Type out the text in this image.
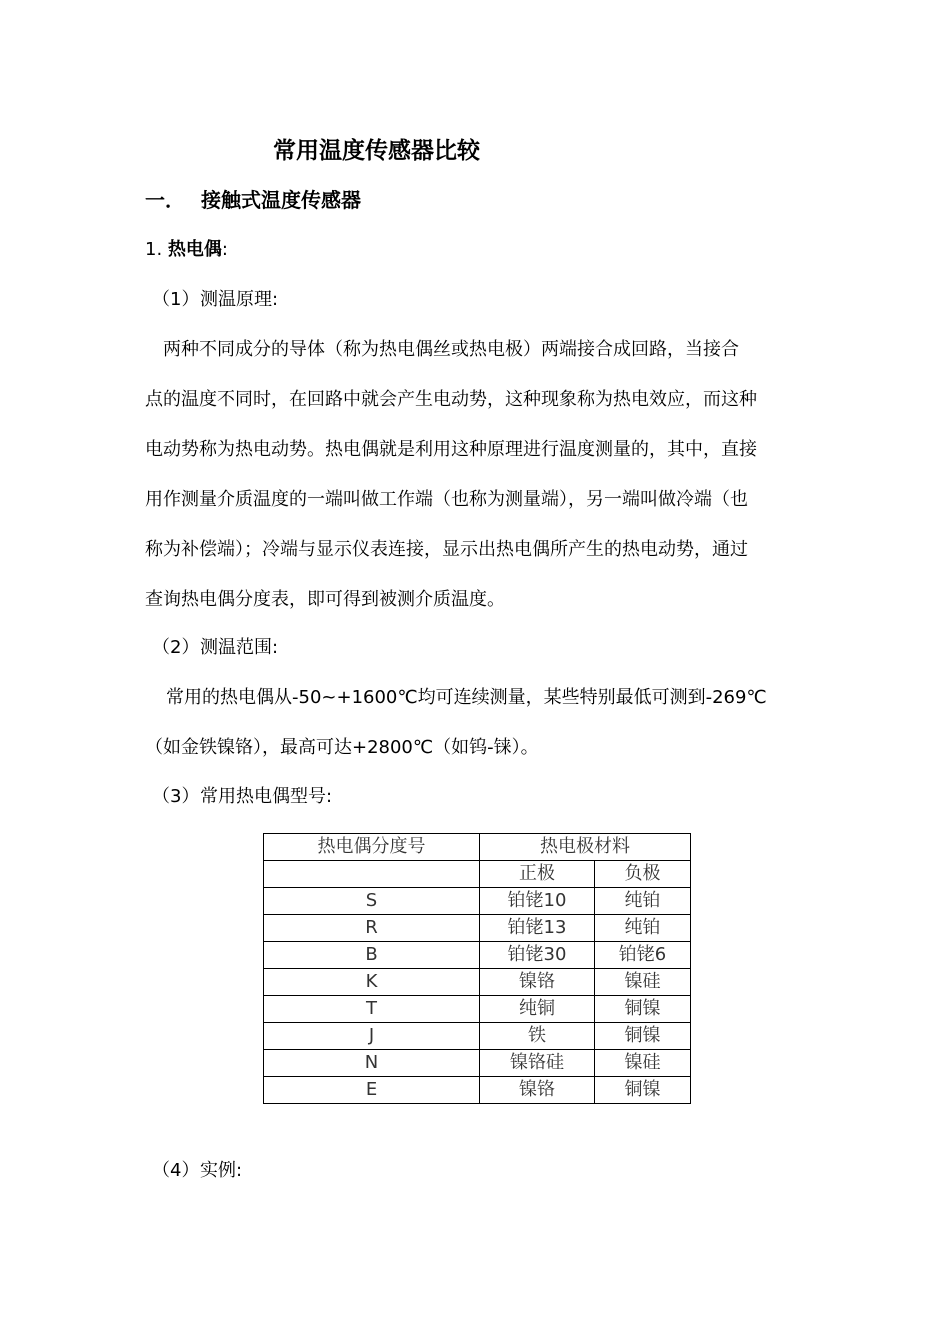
常用温度传感器比较
一． 接触式温度传感器
1. 热电偶:
（1）测温原理:
　两种不同成分的导体（称为热电偶丝或热电极）两端接合成回路，当接合
点的温度不同时，在回路中就会产生电动势，这种现象称为热电效应，而这种
电动势称为热电动势。热电偶就是利用这种原理进行温度测量的，其中，直接
用作测量介质温度的一端叫做工作端（也称为测量端），另一端叫做冷端（也
称为补偿端）；冷端与显示仪表连接，显示出热电偶所产生的热电动势，通过
查询热电偶分度表，即可得到被测介质温度。
（2）测温范围:
常用的热电偶从-50~+1600℃均可连续测量，某些特别最低可测到-269℃
（如金铁镍铬），最高可达+2800℃（如钨-铼）。
（3）常用热电偶型号:
热电偶分度号	热电极材料	
	正极	负极
S	铂铑10	纯铂
R	铂铑13	纯铂
B	铂铑30	铂铑6
K	镍铬	镍硅
T	纯铜	铜镍
J	铁	铜镍
N	镍铬硅	镍硅
E	镍铬	铜镍
（4）实例:
